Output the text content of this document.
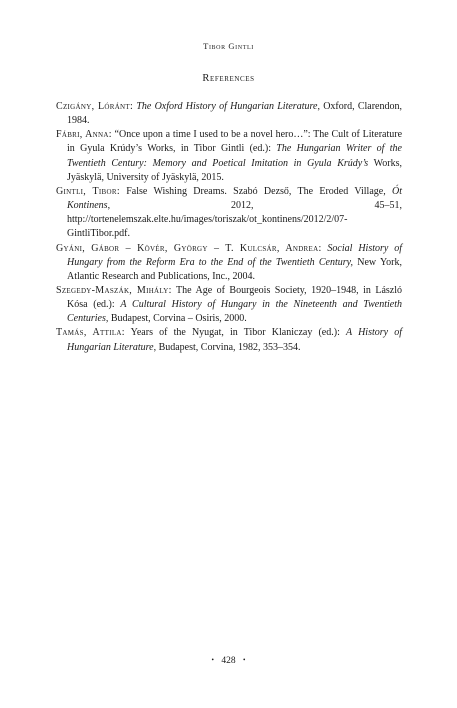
Tibor Gintli
References
Czigány, Lóránt: The Oxford History of Hungarian Literature, Oxford, Clarendon, 1984.
Fábri, Anna: “Once upon a time I used to be a novel hero…”: The Cult of Literature in Gyula Krúdy’s Works, in Tibor Gintli (ed.): The Hungarian Writer of the Twentieth Century: Memory and Poetical Imitation in Gyula Krúdy’s Works, Jyäskylä, University of Jyäskylä, 2015.
Gintli, Tibor: False Wishing Dreams. Szabó Dezső, The Eroded Village, Ót Kontinens, 2012, 45–51, http://tortenelemszak.elte.hu/images/toriszak/ot_kontinens/2012/2/07-GintliTibor.pdf.
Gyáni, Gábor – Kövér, György – T. Kulcsár, Andrea: Social History of Hungary from the Reform Era to the End of the Twentieth Century, New York, Atlantic Research and Publications, Inc., 2004.
Szegedy-Maszák, Mihály: The Age of Bourgeois Society, 1920–1948, in László Kósa (ed.): A Cultural History of Hungary in the Nineteenth and Twentieth Centuries, Budapest, Corvina – Osiris, 2000.
Tamás, Attila: Years of the Nyugat, in Tibor Klaniczay (ed.): A History of Hungarian Literature, Budapest, Corvina, 1982, 353–354.
• 428 •
